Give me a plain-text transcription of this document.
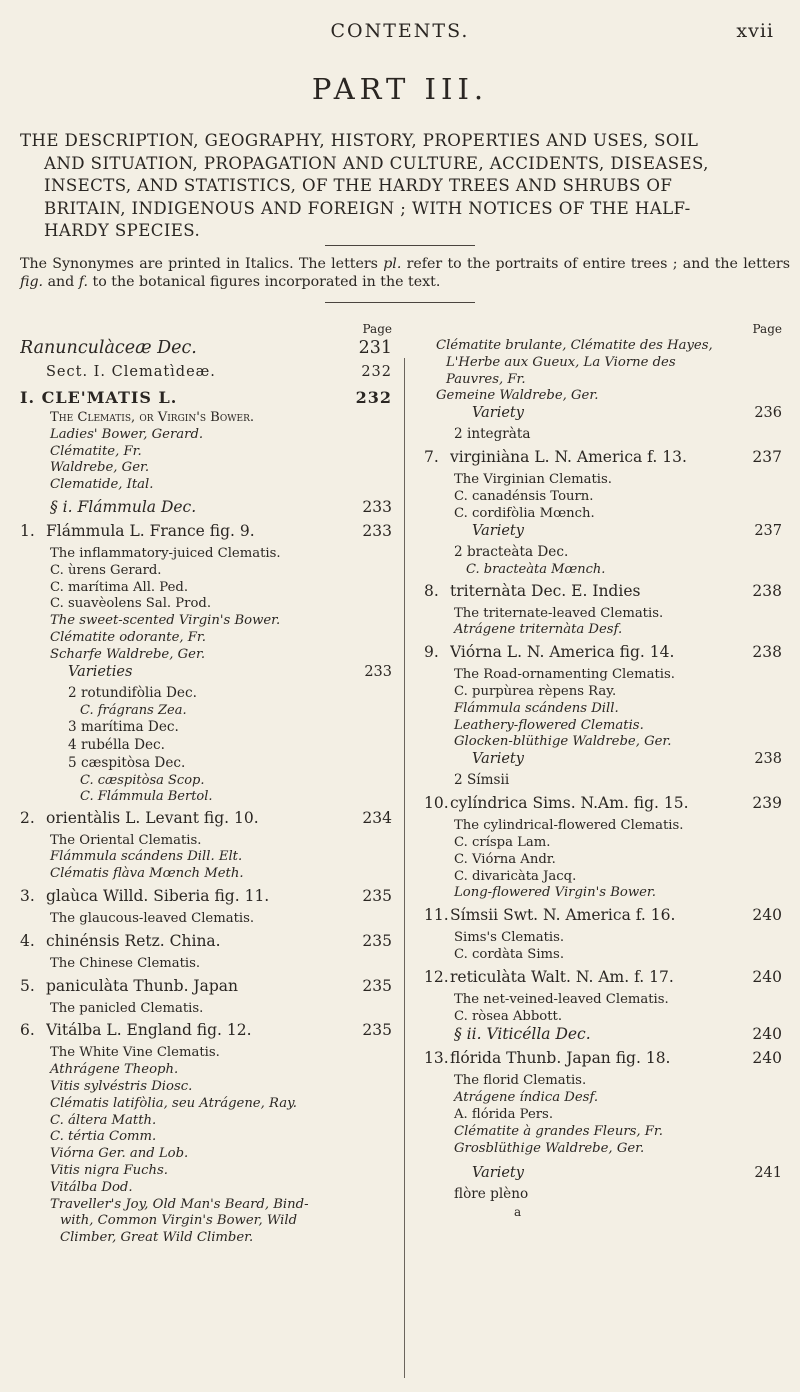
CONTENTS.	xvii
PART III.

THE DESCRIPTION, GEOGRAPHY, HISTORY, PROPERTIES AND USES, SOIL

AND SITUATION, PROPAGATION AND CULTURE, ACCIDENTS, DISEASES,

INSECTS, AND STATISTICS, OF THE HARDY TREES AND SHRUBS OF

BRITAIN, INDIGENOUS AND FOREIGN ; WITH NOTICES OF THE HALF-

HARDY SPECIES.

The Synonymes are printed in Italics. The letters pl. refer to the portraits of entire trees ; and the letters fig. and f. to the botanical figures incorporated in the text.
Page
Ranunculàceæ Dec.	231
Sect. I. Clematìdeæ.	232
I. CLE'MATIS L.	232
The Clematis, or Virgin's Bower.
Ladies' Bower, Gerard.
Clématite, Fr.
Waldrebe, Ger.
Clematide, Ital.
§ i. Flámmula Dec.	233
1. Flámmula L. France fig. 9.	233
The inflammatory-juiced Clematis.
C. ùrens Gerard.
C. marítima All. Ped.
C. suavèolens Sal. Prod.
The sweet-scented Virgin's Bower.
Clématite odorante, Fr.
Scharfe Waldrebe, Ger.
Varieties	233
2 rotundifòlia Dec.
C. frágrans Zea.
3 marítima Dec.
4 rubélla Dec.
5 cæspitòsa Dec.
C. cæspitòsa Scop.
C. Flámmula Bertol.
2. orientàlis L. Levant fig. 10.	234
The Oriental Clematis.
Flámmula scándens Dill. Elt.
Clématis flàva Mœnch Meth.
3. glaùca Willd. Siberia fig. 11.	235
The glaucous-leaved Clematis.
4. chinénsis Retz. China.	235
The Chinese Clematis.
5. paniculàta Thunb. Japan	235
The panicled Clematis.
6. Vitálba L. England fig. 12.	235
The White Vine Clematis.
Athrágene Theoph.
Vitis sylvéstris Diosc.
Clématis latifòlia, seu Atrágene, Ray.
C. áltera Matth.
C. tértia Comm.
Viórna Ger. and Lob.
Vitis nigra Fuchs.
Vitálba Dod.
Traveller's Joy, Old Man's Beard, Bind-
with, Common Virgin's Bower, Wild
Climber, Great Wild Climber.
Page
Clématite brulante, Clématite des Hayes,
L'Herbe aux Gueux, La Viorne des
Pauvres, Fr.
Gemeine Waldrebe, Ger.
Variety	236
2 integràta
7. virginiàna L. N. America f. 13.	237
The Virginian Clematis.
C. canadénsis Tourn.
C. cordifòlia Mœnch.
Variety	237
2 bracteàta Dec.
C. bracteàta Mœnch.
8. triternàta Dec. E. Indies	238
The triternate-leaved Clematis.
Atrágene triternàta Desf.
9. Viórna L. N. America fig. 14.	238
The Road-ornamenting Clematis.
C. purpùrea rèpens Ray.
Flámmula scándens Dill.
Leathery-flowered Clematis.
Glocken-blüthige Waldrebe, Ger.
Variety	238
2 Símsii
10. cylíndrica Sims. N.Am. fig. 15.	239
The cylindrical-flowered Clematis.
C. críspa Lam.
C. Viórna Andr.
C. divaricàta Jacq.
Long-flowered Virgin's Bower.
11. Símsii Swt. N. America f. 16.	240
Sims's Clematis.
C. cordàta Sims.
12. reticulàta Walt. N. Am. f. 17.	240
The net-veined-leaved Clematis.
C. ròsea Abbott.
§ ii. Viticélla Dec.	240
13. flórida Thunb. Japan fig. 18.	240
The florid Clematis.
Atrágene índica Desf.
A. flórida Pers.
Clématite à grandes Fleurs, Fr.
Grosblüthige Waldrebe, Ger.
Variety	241
flòre plèno
a
